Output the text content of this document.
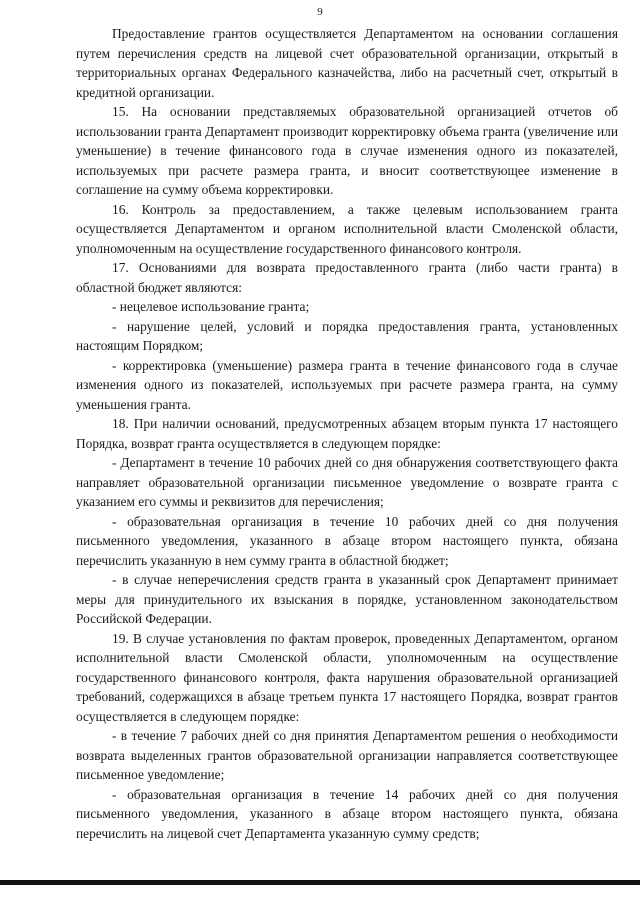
9

Предоставление грантов осуществляется Департаментом на основании соглашения путем перечисления средств на лицевой счет образовательной организации, открытый в территориальных органах Федерального казначейства, либо на расчетный счет, открытый в кредитной организации.

15. На основании представляемых образовательной организацией отчетов об использовании гранта Департамент производит корректировку объема гранта (увеличение или уменьшение) в течение финансового года в случае изменения одного из показателей, используемых при расчете размера гранта, и вносит соответствующее изменение в соглашение на сумму объема корректировки.

16. Контроль за предоставлением, а также целевым использованием гранта осуществляется Департаментом и органом исполнительной власти Смоленской области, уполномоченным на осуществление государственного финансового контроля.

17. Основаниями для возврата предоставленного гранта (либо части гранта) в областной бюджет являются:

- нецелевое использование гранта;

- нарушение целей, условий и порядка предоставления гранта, установленных настоящим Порядком;

- корректировка (уменьшение) размера гранта в течение финансового года в случае изменения одного из показателей, используемых при расчете размера гранта, на сумму уменьшения гранта.

18. При наличии оснований, предусмотренных абзацем вторым пункта 17 настоящего Порядка, возврат гранта осуществляется в следующем порядке:

- Департамент в течение 10 рабочих дней со дня обнаружения соответствующего факта направляет образовательной организации письменное уведомление о возврате гранта с указанием его суммы и реквизитов для перечисления;

- образовательная организация в течение 10 рабочих дней со дня получения письменного уведомления, указанного в абзаце втором настоящего пункта, обязана перечислить указанную в нем сумму гранта в областной бюджет;

- в случае неперечисления средств гранта в указанный срок Департамент принимает меры для принудительного их взыскания в порядке, установленном законодательством Российской Федерации.

19. В случае установления по фактам проверок, проведенных Департаментом, органом исполнительной власти Смоленской области, уполномоченным на осуществление государственного финансового контроля, факта нарушения образовательной организацией требований, содержащихся в абзаце третьем пункта 17 настоящего Порядка, возврат грантов осуществляется в следующем порядке:

- в течение 7 рабочих дней со дня принятия Департаментом решения о необходимости возврата выделенных грантов образовательной организации направляется соответствующее письменное уведомление;

- образовательная организация в течение 14 рабочих дней со дня получения письменного уведомления, указанного в абзаце втором настоящего пункта, обязана перечислить на лицевой счет Департамента указанную сумму средств;
